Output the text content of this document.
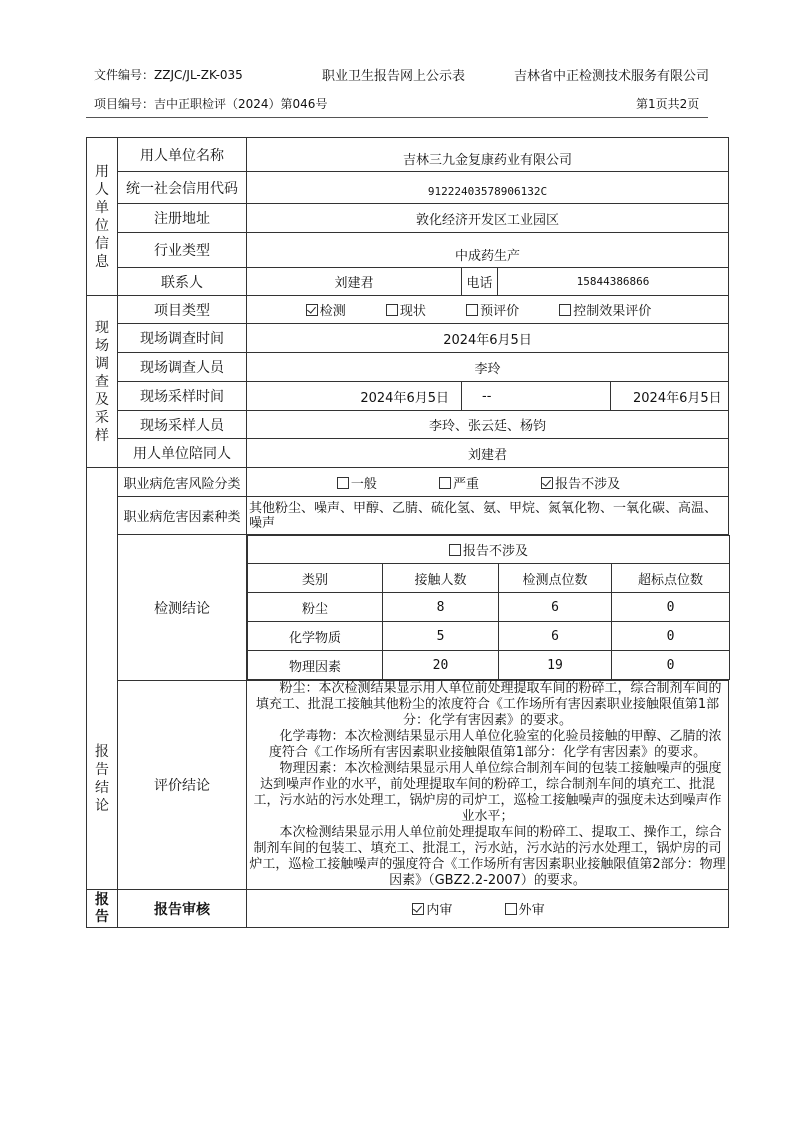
文件编号：ZZJC/JL-ZK-035	职业卫生报告网上公示表	吉林省中正检测技术服务有限公司
项目编号：吉中正职检评（2024）第046号	第1页共2页
用
人
单
位
信
息
	用人单位名称	吉林三九金复康药业有限公司
统一社会信用代码	91222403578906132C
注册地址	敦化经济开发区工业园区
行业类型	中成药生产
联系人	刘建君	电话	15844386866

现
场
调
查
及
采
样
	项目类型	检测	现状	预评价	控制效果评价
现场调查时间	2024年6月5日
现场调查人员	李玲
现场采样时间	2024年6月5日	--	2024年6月5日
现场采样人员	李玲、张云廷、杨钧
用人单位陪同人	刘建君

报
告
结
论
	职业病危害风险分类	一般	严重	报告不涉及
职业病危害因素种类	其他粉尘、噪声、甲醇、乙腈、硫化氢、氨、甲烷、氮氧化物、一氧化碳、高温、噪声
检测结论	
报告不涉及
类别	接触人数	检测点位数	超标点位数
粉尘	8	6	0
化学物质	5	6	0
物理因素	20	19	0

评价结论	

粉尘：本次检测结果显示用人单位前处理提取车间的粉碎工，综合制剂车间的填充工、批混工接触其他粉尘的浓度符合《工作场所有害因素职业接触限值第1部分：化学有害因素》的要求。

化学毒物：本次检测结果显示用人单位化验室的化验员接触的甲醇、乙腈的浓度符合《工作场所有害因素职业接触限值第1部分：化学有害因素》的要求。

物理因素：本次检测结果显示用人单位综合制剂车间的包装工接触噪声的强度达到噪声作业的水平，前处理提取车间的粉碎工，综合制剂车间的填充工、批混工，污水站的污水处理工，锅炉房的司炉工，巡检工接触噪声的强度未达到噪声作业水平；

本次检测结果显示用人单位前处理提取车间的粉碎工、提取工、操作工，综合制剂车间的包装工、填充工、批混工，污水站，污水站的污水处理工，锅炉房的司炉工，巡检工接触噪声的强度符合《工作场所有害因素职业接触限值第2部分：物理因素》（GBZ2.2-2007）的要求。

报
告	报告审核	内审	外审
